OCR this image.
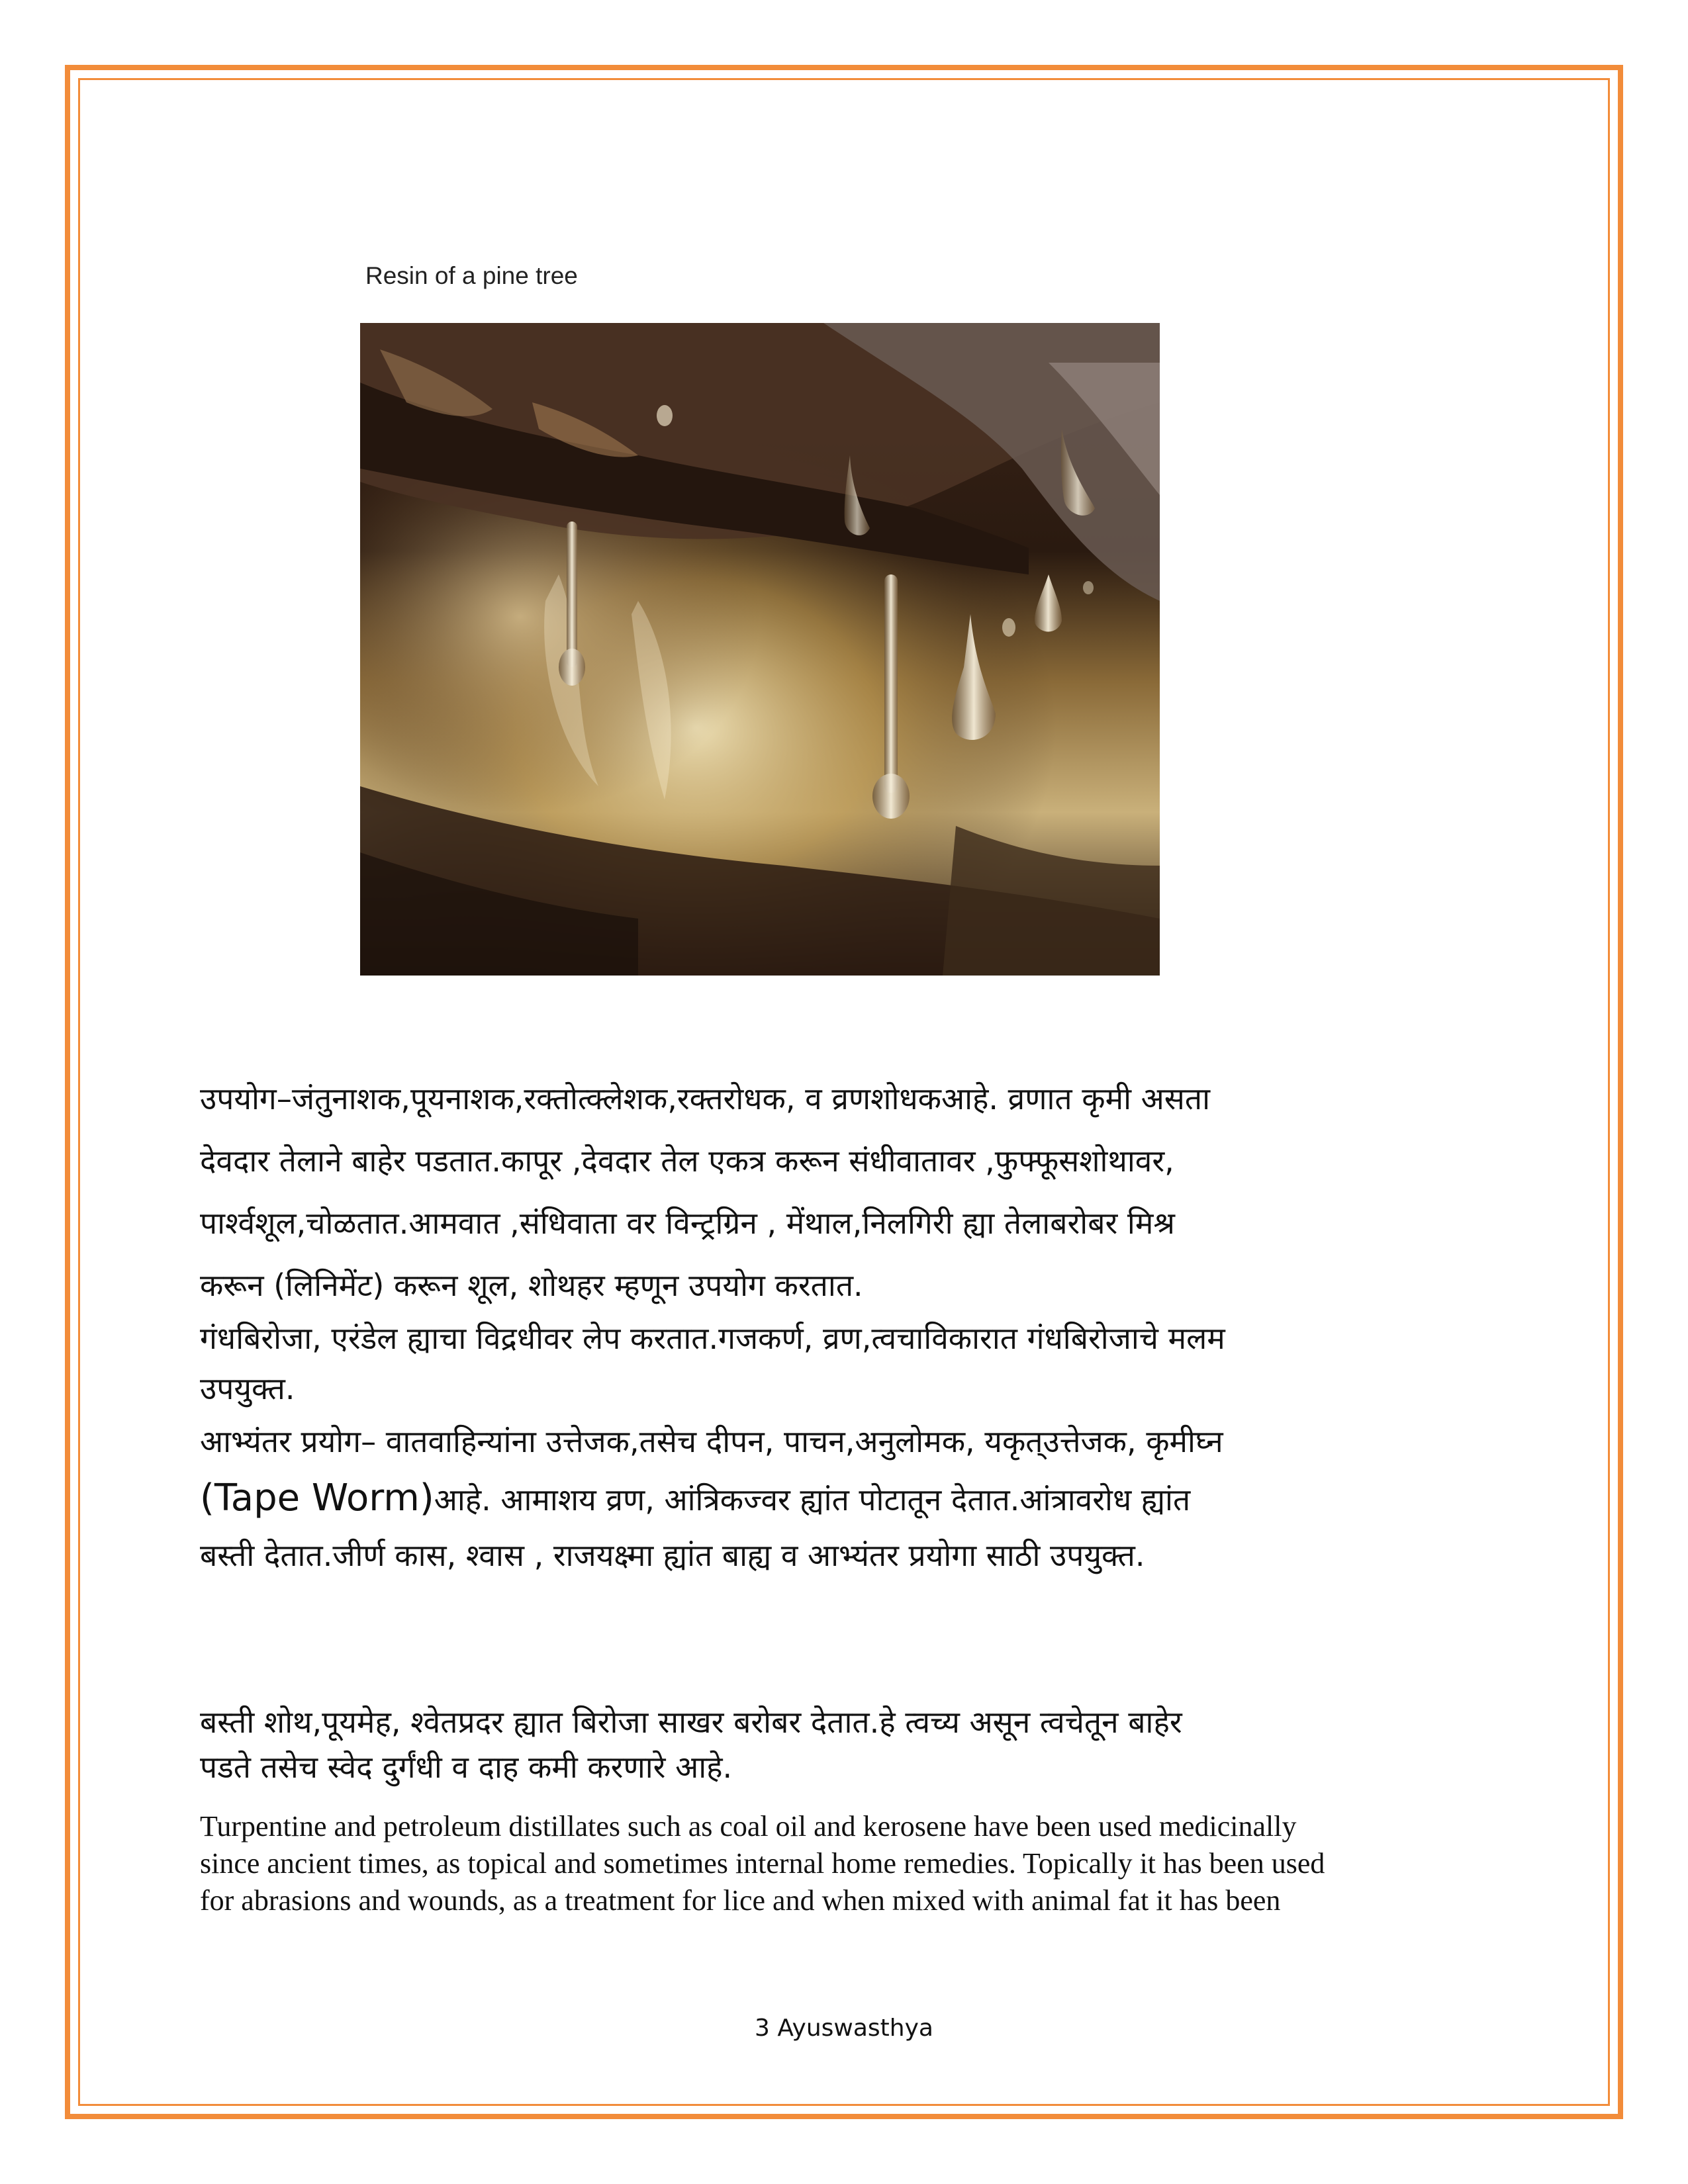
Resin of a pine tree
उपयोग–जंतुनाशक,पूयनाशक,रक्तोत्क्लेशक,रक्तरोधक, व व्रणशोधकआहे. व्रणात कृमी असता
देवदार तेलाने बाहेर पडतात.कापूर ,देवदार तेल एकत्र करून संधीवातावर ,फुफ्फूसशोथावर,
पार्श्वशूल,चोळतात.आमवात ,संधिवाता वर विन्ट्रग्रिन , मेंथाल,निलगिरी ह्या तेलाबरोबर मिश्र
करून (लिनिमेंट) करून शूल, शोथहर म्हणून उपयोग करतात.
गंधबिरोजा, एरंडेल ह्याचा विद्रधीवर लेप करतात.गजकर्ण, व्रण,त्वचाविकारात गंधबिरोजाचे मलम
उपयुक्त.
आभ्यंतर प्रयोग– वातवाहिन्यांना उत्तेजक,तसेच दीपन, पाचन,अनुलोमक, यकृत्उत्तेजक, कृमीघ्न
(Tape Worm)आहे. आमाशय व्रण, आंत्रिकज्वर ह्यांत पोटातून देतात.आंत्रावरोध ह्यांत
बस्ती देतात.जीर्ण कास, श्वास , राजयक्ष्मा ह्यांत बाह्य व आभ्यंतर प्रयोगा साठी उपयुक्त.
बस्ती शोथ,पूयमेह, श्वेतप्रदर ह्यात बिरोजा साखर बरोबर देतात.हे त्वच्य असून त्वचेतून बाहेर
पडते तसेच स्वेद दुर्गंधी व दाह कमी करणारे आहे.
Turpentine and petroleum distillates such as coal oil and kerosene have been used medicinally
since ancient times, as topical and sometimes internal home remedies. Topically it has been used
for abrasions and wounds, as a treatment for lice and when mixed with animal fat it has been
3 Ayuswasthya
